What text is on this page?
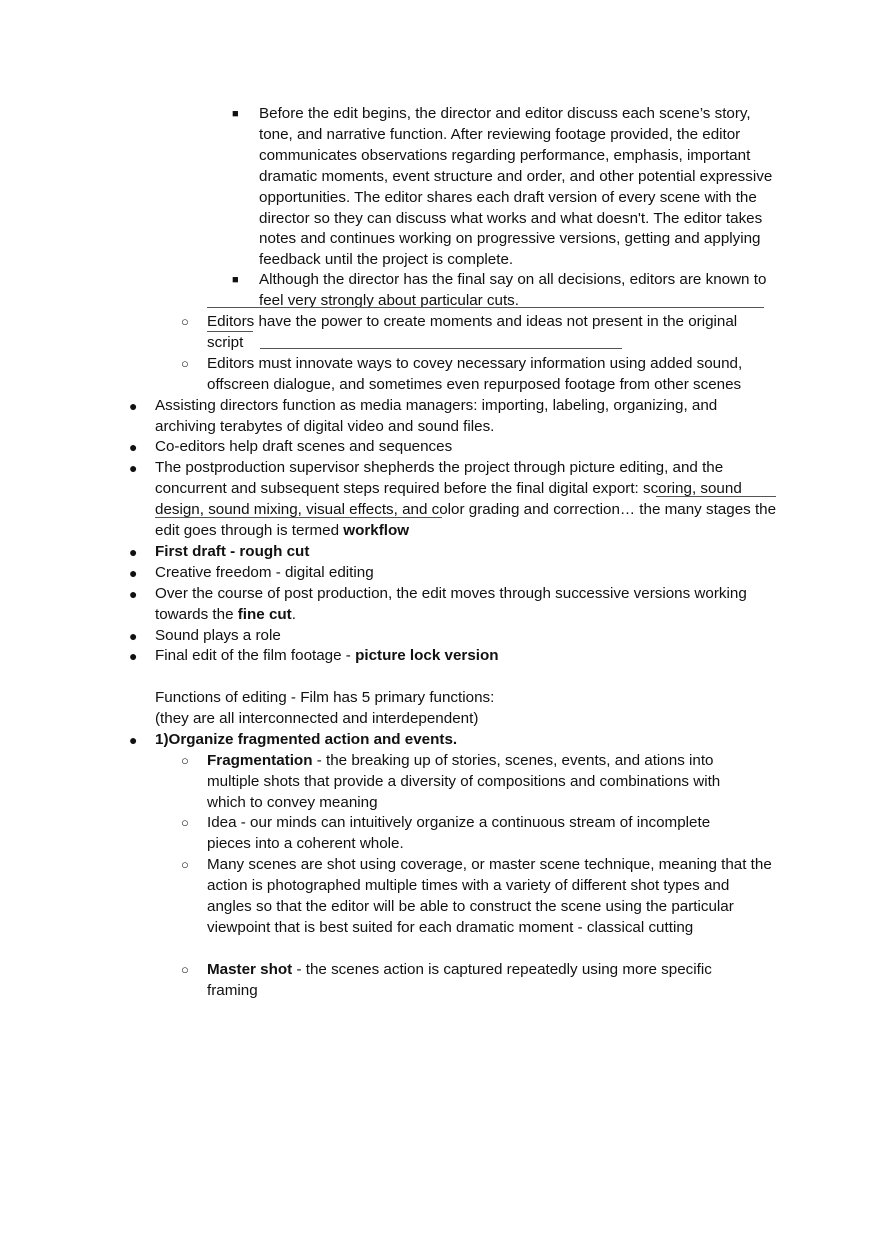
■ Before the edit begins, the director and editor discuss each scene’s story, tone, and narrative function. After reviewing footage provided, the editor communicates observations regarding performance, emphasis, important dramatic moments, event structure and order, and other potential expressive opportunities. The editor shares each draft version of every scene with the director so they can discuss what works and what doesn't. The editor takes notes and continues working on progressive versions, getting and applying feedback until the project is complete.
■ Although the director has the final say on all decisions, editors are known to feel very strongly about particular cuts.
○ Editors have the power to create moments and ideas not present in the original script
○ Editors must innovate ways to covey necessary information using added sound, offscreen dialogue, and sometimes even repurposed footage from other scenes
● Assisting directors function as media managers: importing, labeling, organizing, and archiving terabytes of digital video and sound files.
● Co-editors help draft scenes and sequences
● The postproduction supervisor shepherds the project through picture editing, and the concurrent and subsequent steps required before the final digital export: scoring, sound design, sound mixing, visual effects, and color grading and correction… the many stages the edit goes through is termed workflow
● First draft - rough cut
● Creative freedom - digital editing
● Over the course of post production, the edit moves through successive versions working towards the fine cut.
● Sound plays a role
● Final edit of the film footage - picture lock version
Functions of editing - Film has 5 primary functions:
(they are all interconnected and interdependent)
● 1)Organize fragmented action and events.
○ Fragmentation - the breaking up of stories, scenes, events, and ations into multiple shots that provide a diversity of compositions and combinations with which to convey meaning
○ Idea - our minds can intuitively organize a continuous stream of incomplete pieces into a coherent whole.
○ Many scenes are shot using coverage, or master scene technique, meaning that the action is photographed multiple times with a variety of different shot types and angles so that the editor will be able to construct the scene using the particular viewpoint that is best suited for each dramatic moment - classical cutting
○ Master shot - the scenes action is captured repeatedly using more specific framing
